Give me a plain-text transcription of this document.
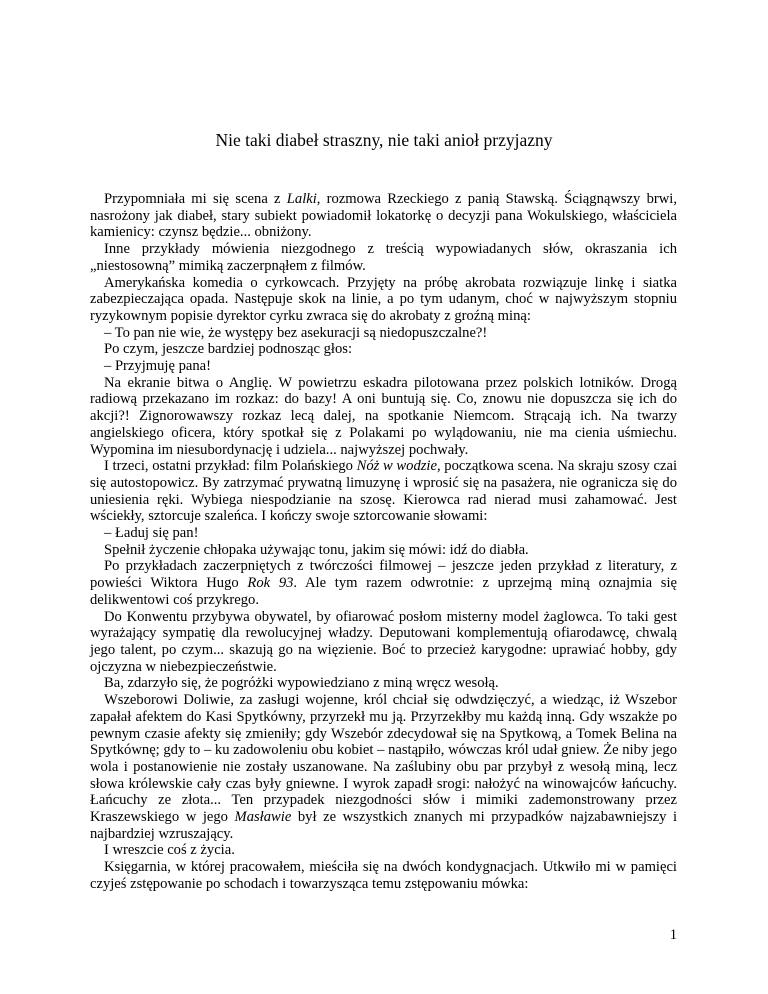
Nie taki diabeł straszny, nie taki anioł przyjazny

Przypomniała mi się scena z Lalki, rozmowa Rzeckiego z panią Stawską. Ściągnąwszy brwi, nasrożony jak diabeł, stary subiekt powiadomił lokatorkę o decyzji pana Wokulskiego, właściciela kamienicy: czynsz będzie... obniżony.

Inne przykłady mówienia niezgodnego z treścią wypowiadanych słów, okraszania ich „niestosowną” mimiką zaczerpnąłem z filmów.

Amerykańska komedia o cyrkowcach. Przyjęty na próbę akrobata rozwiązuje linkę i siatka zabezpieczająca opada. Następuje skok na linie, a po tym udanym, choć w najwyższym stopniu ryzykownym popisie dyrektor cyrku zwraca się do akrobaty z groźną miną:

– To pan nie wie, że występy bez asekuracji są niedopuszczalne?!

Po czym, jeszcze bardziej podnosząc głos:

– Przyjmuję pana!

Na ekranie bitwa o Anglię. W powietrzu eskadra pilotowana przez polskich lotników. Drogą radiową przekazano im rozkaz: do bazy! A oni buntują się. Co, znowu nie dopuszcza się ich do akcji?! Zignorowawszy rozkaz lecą dalej, na spotkanie Niemcom. Strącają ich. Na twarzy angielskiego oficera, który spotkał się z Polakami po wylądowaniu, nie ma cienia uśmiechu. Wypomina im niesubordynację i udziela... najwyższej pochwały.

I trzeci, ostatni przykład: film Polańskiego Nóż w wodzie, początkowa scena. Na skraju szosy czai się autostopowicz. By zatrzymać prywatną limuzynę i wprosić się na pasażera, nie ogranicza się do uniesienia ręki. Wybiega niespodzianie na szosę. Kierowca rad nierad musi zahamować. Jest wściekły, sztorcuje szaleńca. I kończy swoje sztorcowanie słowami:

– Ładuj się pan!

Spełnił życzenie chłopaka używając tonu, jakim się mówi: idź do diabła.

Po przykładach zaczerpniętych z twórczości filmowej – jeszcze jeden przykład z literatury, z powieści Wiktora Hugo Rok 93. Ale tym razem odwrotnie: z uprzejmą miną oznajmia się delikwentowi coś przykrego.

Do Konwentu przybywa obywatel, by ofiarować posłom misterny model żaglowca. To taki gest wyrażający sympatię dla rewolucyjnej władzy. Deputowani komplementują ofiarodawcę, chwalą jego talent, po czym... skazują go na więzienie. Boć to przecież karygodne: uprawiać hobby, gdy ojczyzna w niebezpieczeństwie.

Ba, zdarzyło się, że pogróżki wypowiedziano z miną wręcz wesołą.

Wszeborowi Doliwie, za zasługi wojenne, król chciał się odwdzięczyć, a wiedząc, iż Wszebor zapałał afektem do Kasi Spytkówny, przyrzekł mu ją. Przyrzekłby mu każdą inną. Gdy wszakże po pewnym czasie afekty się zmieniły; gdy Wszebór zdecydował się na Spytkową, a Tomek Belina na Spytkównę; gdy to – ku zadowoleniu obu kobiet – nastąpiło, wówczas król udał gniew. Że niby jego wola i postanowienie nie zostały uszanowane. Na zaślubiny obu par przybył z wesołą miną, lecz słowa królewskie cały czas były gniewne. I wyrok zapadł srogi: nałożyć na winowajców łańcuchy. Łańcuchy ze złota... Ten przypadek niezgodności słów i mimiki zademonstrowany przez Kraszewskiego w jego Masławie był ze wszystkich znanych mi przypadków najzabawniejszy i najbardziej wzruszający.

I wreszcie coś z życia.

Księgarnia, w której pracowałem, mieściła się na dwóch kondygnacjach. Utkwiło mi w pamięci czyjeś zstępowanie po schodach i towarzysząca temu zstępowaniu mówka:

1
